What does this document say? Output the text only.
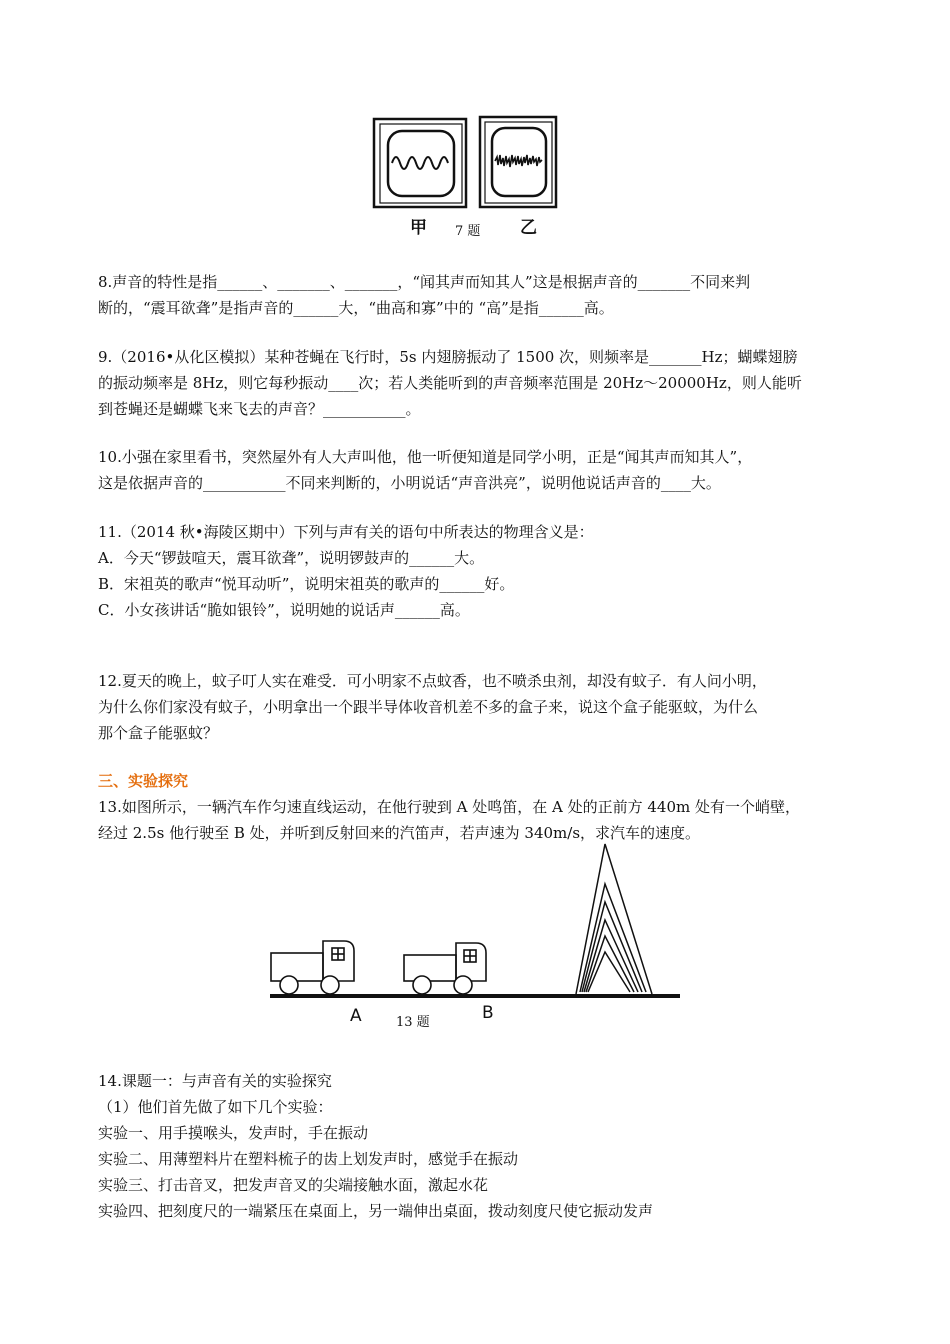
甲 7 题 乙
8.声音的特性是指______、_______、_______，“闻其声而知其人”这是根据声音的_______不同来判
断的，“震耳欲聋”是指声音的______大，“曲高和寡”中的 “高”是指______高。
9.（2016•从化区模拟）某种苍蝇在飞行时，5s 内翅膀振动了 1500 次，则频率是_______Hz；蝴蝶翅膀
的振动频率是 8Hz，则它每秒振动____次；若人类能听到的声音频率范围是 20Hz～20000Hz，则人能听
到苍蝇还是蝴蝶飞来飞去的声音？___________。
10.小强在家里看书，突然屋外有人大声叫他，他一听便知道是同学小明，正是“闻其声而知其人”，
这是依据声音的___________不同来判断的，小明说话“声音洪亮”，说明他说话声音的____大。
11.（2014 秋•海陵区期中）下列与声有关的语句中所表达的物理含义是：
A．今天“锣鼓喧天，震耳欲聋”，说明锣鼓声的______大。
B．宋祖英的歌声“悦耳动听”，说明宋祖英的歌声的______好。
C．小女孩讲话“脆如银铃”，说明她的说话声______高。
12.夏天的晚上，蚊子叮人实在难受．可小明家不点蚊香，也不喷杀虫剂，却没有蚊子．有人问小明，
为什么你们家没有蚊子，小明拿出一个跟半导体收音机差不多的盒子来，说这个盒子能驱蚊，为什么
那个盒子能驱蚊？
三、实验探究
13.如图所示，一辆汽车作匀速直线运动，在他行驶到 A 处鸣笛，在 A 处的正前方 440m 处有一个峭壁，
经过 2.5s 他行驶至 B 处，并听到反射回来的汽笛声，若声速为 340m/s，求汽车的速度。
A	13 题	B
14.课题一：与声音有关的实验探究
（1）他们首先做了如下几个实验：
实验一、用手摸喉头，发声时，手在振动
实验二、用薄塑料片在塑料梳子的齿上划发声时，感觉手在振动
实验三、打击音叉，把发声音叉的尖端接触水面，激起水花
实验四、把刻度尺的一端紧压在桌面上，另一端伸出桌面，拨动刻度尺使它振动发声
